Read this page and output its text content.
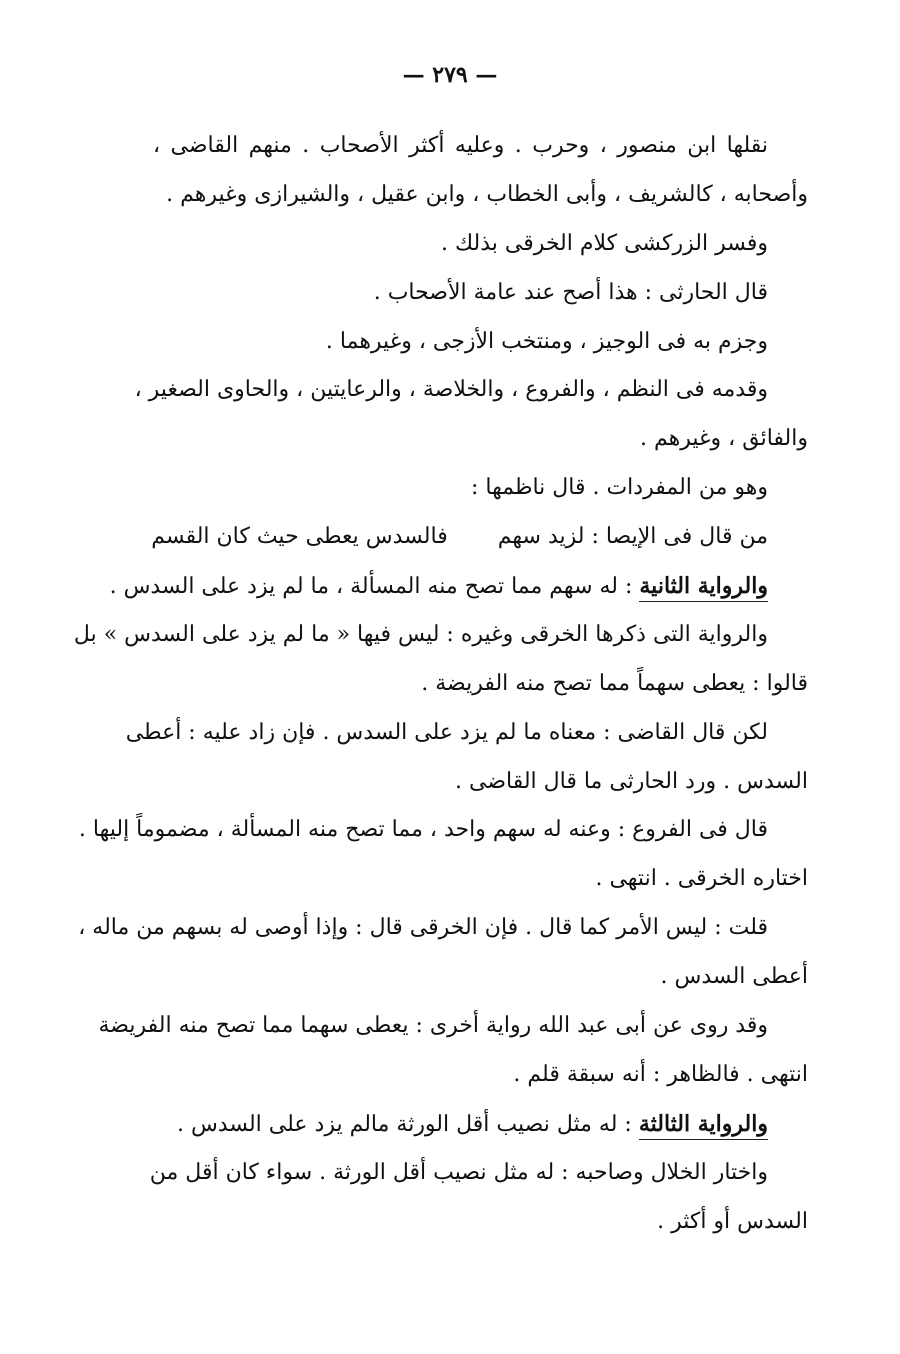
— ٢٧٩ —
نقلها ابن منصور ، وحرب . وعليه أكثر الأصحاب . منهم القاضى ،
وأصحابه ، كالشريف ، وأبى الخطاب ، وابن عقيل ، والشيرازى وغيرهم .
وفسر الزركشى كلام الخرقى بذلك .
قال الحارثى : هذا أصح عند عامة الأصحاب .
وجزم به فى الوجيز ، ومنتخب الأزجى ، وغيرهما .
وقدمه فى النظم ، والفروع ، والخلاصة ، والرعايتين ، والحاوى الصغير ،
والفائق ، وغيرهم .
وهو من المفردات . قال ناظمها :
من قال فى الإيصا : لزيد سهمفالسدس يعطى حيث كان القسم
والرواية الثانية : له سهم مما تصح منه المسألة ، ما لم يزد على السدس .
والرواية التى ذكرها الخرقى وغيره : ليس فيها « ما لم يزد على السدس » بل
قالوا : يعطى سهماً مما تصح منه الفريضة .
لكن قال القاضى : معناه ما لم يزد على السدس . فإن زاد عليه : أعطى
السدس . ورد الحارثى ما قال القاضى .
قال فى الفروع : وعنه له سهم واحد ، مما تصح منه المسألة ، مضموماً إليها .
اختاره الخرقى . انتهى .
قلت : ليس الأمر كما قال . فإن الخرقى قال : وإذا أوصى له بسهم من ماله ،
أعطى السدس .
وقد روى عن أبى عبد الله رواية أخرى : يعطى سهما مما تصح منه الفريضة
انتهى . فالظاهر : أنه سبقة قلم .
والرواية الثالثة : له مثل نصيب أقل الورثة مالم يزد على السدس .
واختار الخلال وصاحبه : له مثل نصيب أقل الورثة . سواء كان أقل من
السدس أو أكثر .
